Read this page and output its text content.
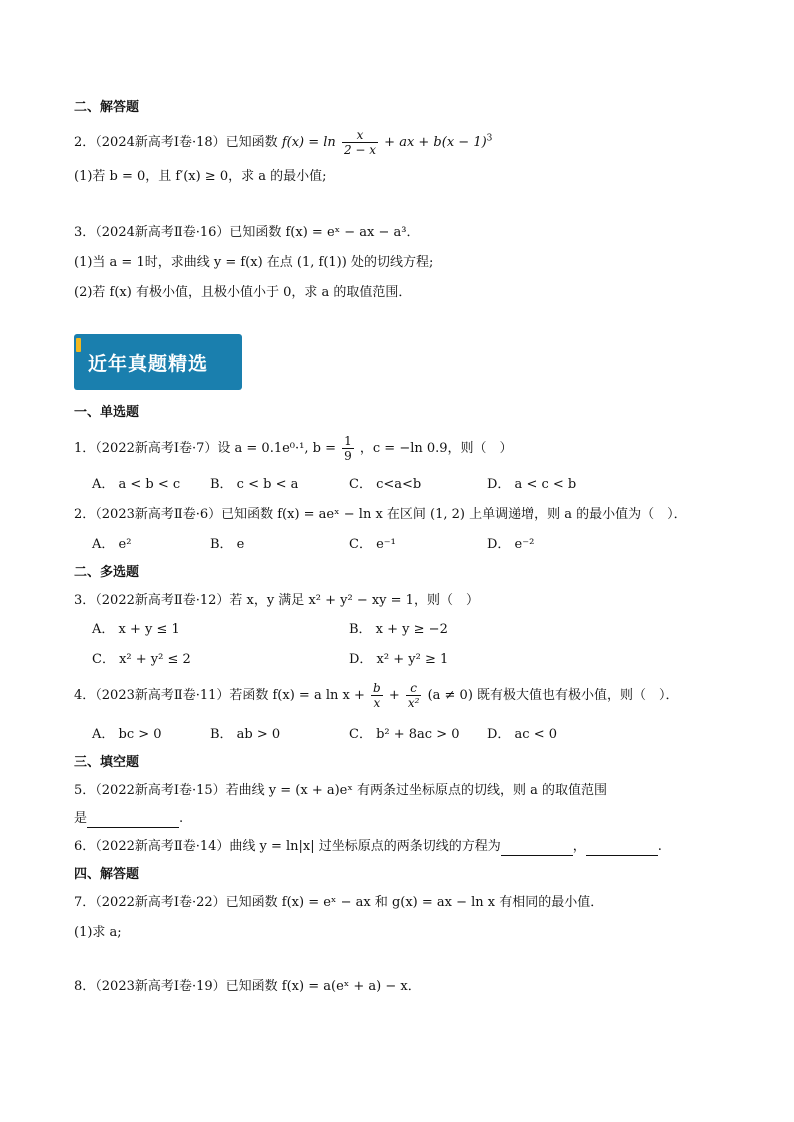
二、解答题
2．（2024新高考Ⅰ卷·18）已知函数 $f(x) = \ln \frac{x}{2 - x}$ + ax + $b(x - 1)^3$
(1)若 b = 0，且 f′(x) ≥ 0，求 a 的最小值;
3．（2024新高考Ⅱ卷·16）已知函数 f(x) = eˣ − ax − a³．
(1)当 a = 1时，求曲线 y = f(x) 在点 (1, f(1)) 处的切线方程;
(2)若 f(x) 有极小值，且极小值小于 0，求 a 的取值范围．
近年真题精选
一、单选题
1．（2022新高考Ⅰ卷·7）设 a = 0.1e⁰·¹, $b = \frac{1}{9}$ ，c = −ln 0.9，则（　）
A． a < b < c B． c < b < a	C． c<a<b	D． a < c < b
2．（2023新高考Ⅱ卷·6）已知函数 f(x) = aeˣ − ln x 在区间 (1, 2) 上单调递增，则 a 的最小值为（　）．
A． e²	B． e	C． e⁻¹	D． e⁻²
二、多选题
3．（2022新高考Ⅱ卷·12）若 x，y 满足 x² + y² − xy = 1，则（　）
A． x + y ≤ 1	B． x + y ≥ −2
C． x² + y² ≤ 2	D． x² + y² ≥ 1
4．（2023新高考Ⅱ卷·11）若函数 f(x) = a $\ln x + \frac{b}{x} + \frac{c}{\text{x²}} (a \ne 0)$ 既有极大值也有极小值，则（　）．
A． bc > 0	B． ab > 0	C． b² + 8ac > 0 D． ac < 0
三、填空题
5．（2022新高考Ⅰ卷·15）若曲线 y = (x + a)eˣ 有两条过坐标原点的切线，则 a 的取值范围
是	.
6．（2022新高考Ⅱ卷·14）曲线 y = ln|x| 过坐标原点的两条切线的方程为	，	.
四、解答题
7．（2022新高考Ⅰ卷·22）已知函数 f(x) = eˣ − ax 和 g(x) = ax − ln x 有相同的最小值．
(1)求 a;
8．（2023新高考Ⅰ卷·19）已知函数 f(x) = a(eˣ + a) − x．
